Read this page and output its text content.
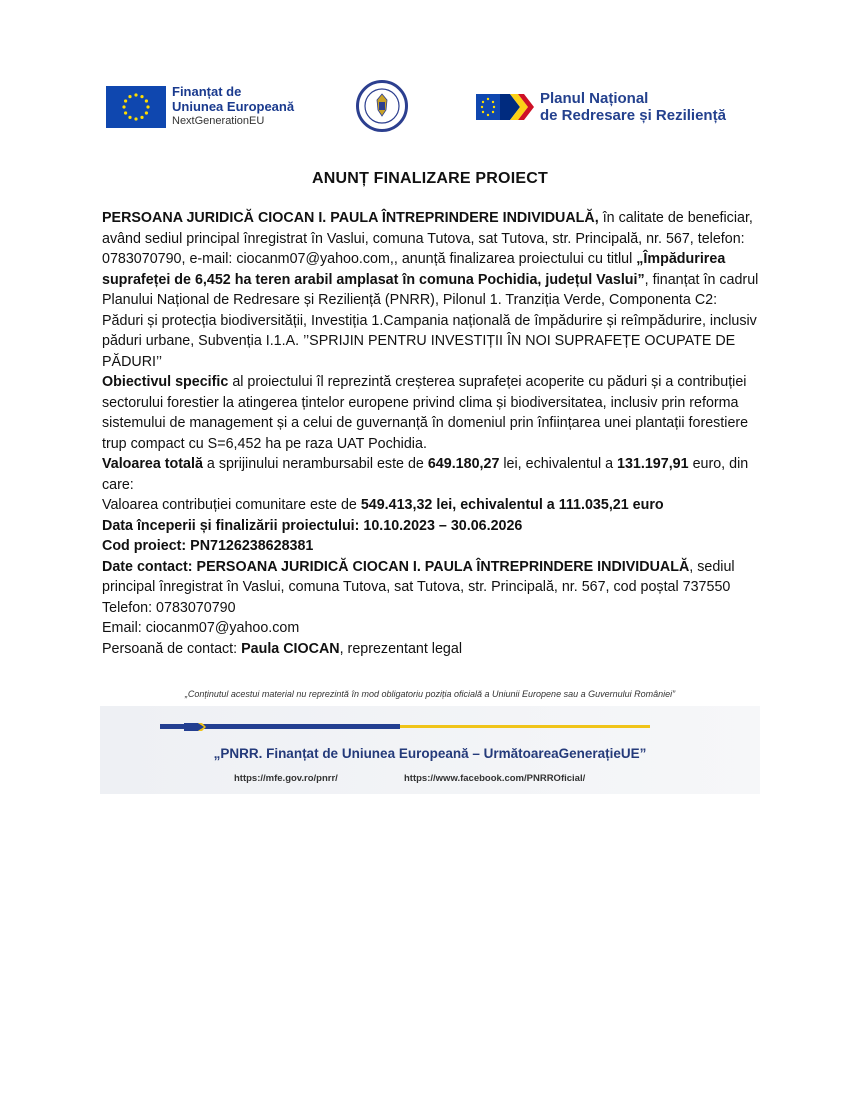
Finanțat de
Uniunea Europeană
NextGenerationEU
Planul Național
de Redresare și Reziliență
ANUNȚ FINALIZARE PROIECT

PERSOANA JURIDICĂ CIOCAN I. PAULA ÎNTREPRINDERE INDIVIDUALĂ, în calitate de beneficiar, având sediul principal înregistrat în Vaslui, comuna Tutova, sat Tutova, str. Principală, nr. 567, telefon: 0783070790, e-mail: ciocanm07@yahoo.com,, anunță finalizarea proiectului cu titlul „Împădurirea suprafeței de 6,452 ha teren arabil amplasat în comuna Pochidia, județul Vaslui”, finanțat în cadrul Planului Național de Redresare și Reziliență (PNRR), Pilonul 1. Tranziția Verde, Componenta C2: Păduri și protecția biodiversității, Investiția 1.Campania națională de împădurire și reîmpădurire, inclusiv păduri urbane, Subvenția I.1.A. ’’SPRIJIN PENTRU INVESTIȚII ÎN NOI SUPRAFEȚE OCUPATE DE PĂDURI’’

Obiectivul specific al proiectului îl reprezintă creșterea suprafeței acoperite cu păduri și a contribuției sectorului forestier la atingerea țintelor europene privind clima și biodiversitatea, inclusiv prin reforma sistemului de management și a celui de guvernanță în domeniul prin înființarea unei plantații forestiere trup compact cu S=6,452 ha pe raza UAT Pochidia.

Valoarea totală a sprijinului nerambursabil este de 649.180,27 lei, echivalentul a 131.197,91 euro, din care:

Valoarea contribuției comunitare este de 549.413,32 lei, echivalentul a 111.035,21 euro

Data începerii și finalizării proiectului: 10.10.2023 – 30.06.2026

Cod proiect: PN7126238628381

Date contact: PERSOANA JURIDICĂ CIOCAN I. PAULA ÎNTREPRINDERE INDIVIDUALĂ, sediul principal înregistrat în Vaslui, comuna Tutova, sat Tutova, str. Principală, nr. 567, cod poștal 737550

Telefon: 0783070790

Email: ciocanm07@yahoo.com

Persoană de contact: Paula CIOCAN, reprezentant legal

„Conținutul acestui material nu reprezintă în mod obligatoriu poziția oficială a Uniunii Europene sau a Guvernului României”
„PNRR. Finanțat de Uniunea Europeană – UrmătoareaGenerațieUE”
https://mfe.gov.ro/pnrr/	https://www.facebook.com/PNRROficial/
